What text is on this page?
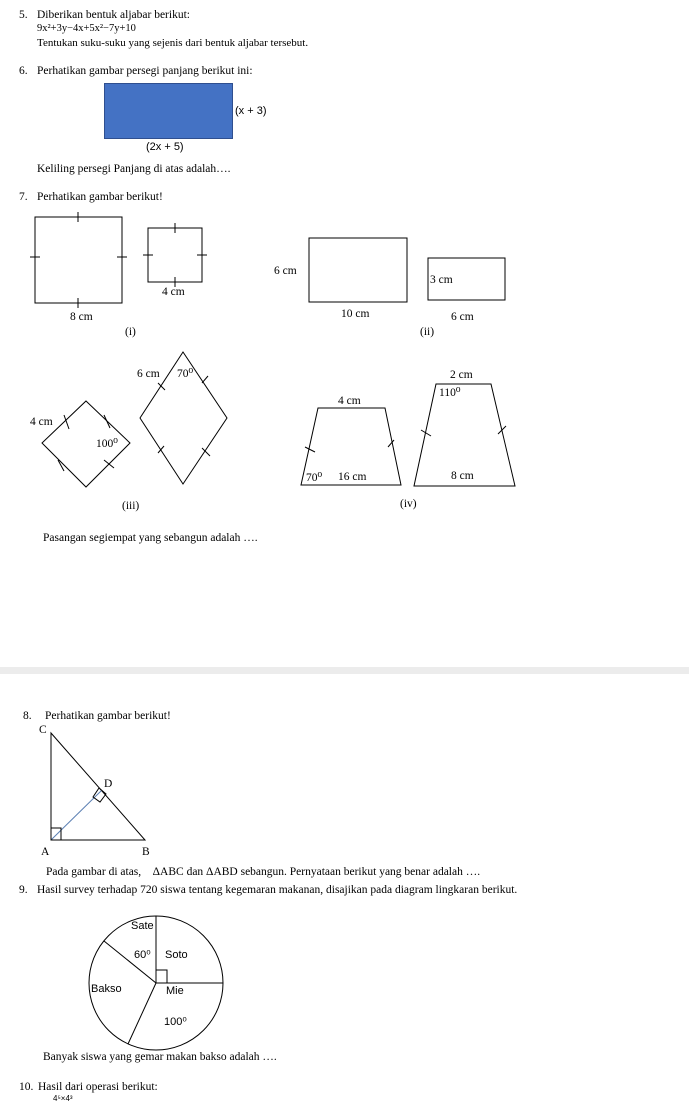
5. Diberikan bentuk aljabar berikut:
9x²+3y−4x+5x²−7y+10
Tentukan suku-suku yang sejenis dari bentuk aljabar tersebut.
6. Perhatikan gambar persegi panjang berikut ini:
(x + 3)
(2x + 5)
Keliling persegi Panjang di atas adalah….
7. Perhatikan gambar berikut!
8 cm
4 cm
(i)
6 cm
10 cm
3 cm
6 cm
(ii)
4 cm
100⁰
6 cm 70⁰
(iii)
4 cm
70⁰ 16 cm
2 cm
110⁰
8 cm
(iv)
Pasangan segiempat yang sebangun adalah ….
8. Perhatikan gambar berikut!
C
D
A	B
Pada gambar di atas,    ΔABC dan ΔABD sebangun. Pernyataan berikut yang benar adalah ….
9. Hasil survey terhadap 720 siswa tentang kegemaran makanan, disajikan pada diagram lingkaran berikut.
Sate
60⁰ Soto
Bakso	Mie
100⁰
Banyak siswa yang gemar makan bakso adalah ….
10. Hasil dari operasi berikut:
4⁵×4³
